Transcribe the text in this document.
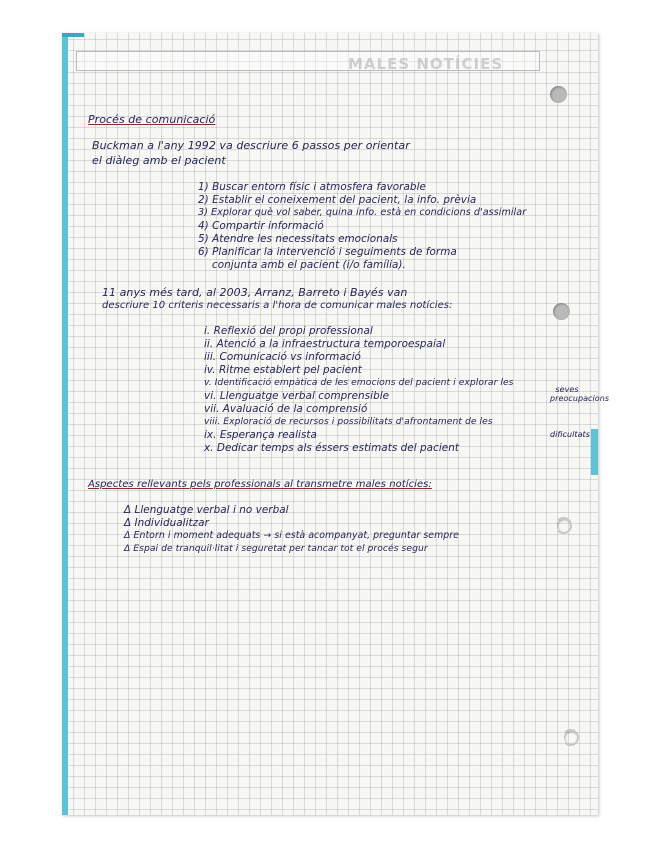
MALES NOTÍCIES
Procés de comunicació
Buckman a l'any 1992 va descriure 6 passos per orientar
el diàleg amb el pacient
1) Buscar entorn físic i atmosfera favorable
2) Establir el coneixement del pacient, la info. prèvia
3) Explorar què vol saber, quina info. està en condicions d'assimilar
4) Compartir informació
5) Atendre les necessitats emocionals
6) Planificar la intervenció i seguiments de forma
conjunta amb el pacient (i/o família).
11 anys més tard, al 2003, Arranz, Barreto i Bayés van
descriure 10 criteris necessaris a l'hora de comunicar males notícies:
i. Reflexió del propi professional
ii. Atenció a la infraestructura temporoespaial
iii. Comunicació vs informació
iv. Ritme establert pel pacient
v. Identificació empàtica de les emocions del pacient i explorar les
vi. Llenguatge verbal comprensible
vii. Avaluació de la comprensió
viii. Exploració de recursos i possibilitats d'afrontament de les
ix. Esperança realista
x. Dedicar temps als éssers estimats del pacient
seves preocupacions
dificultats
Aspectes rellevants pels professionals al transmetre males notícies:
Δ Llenguatge verbal i no verbal
Δ Individualitzar
Δ Entorn i moment adequats → si està acompanyat, preguntar sempre
Δ Espai de tranquil·litat i seguretat per tancar tot el procés segur
